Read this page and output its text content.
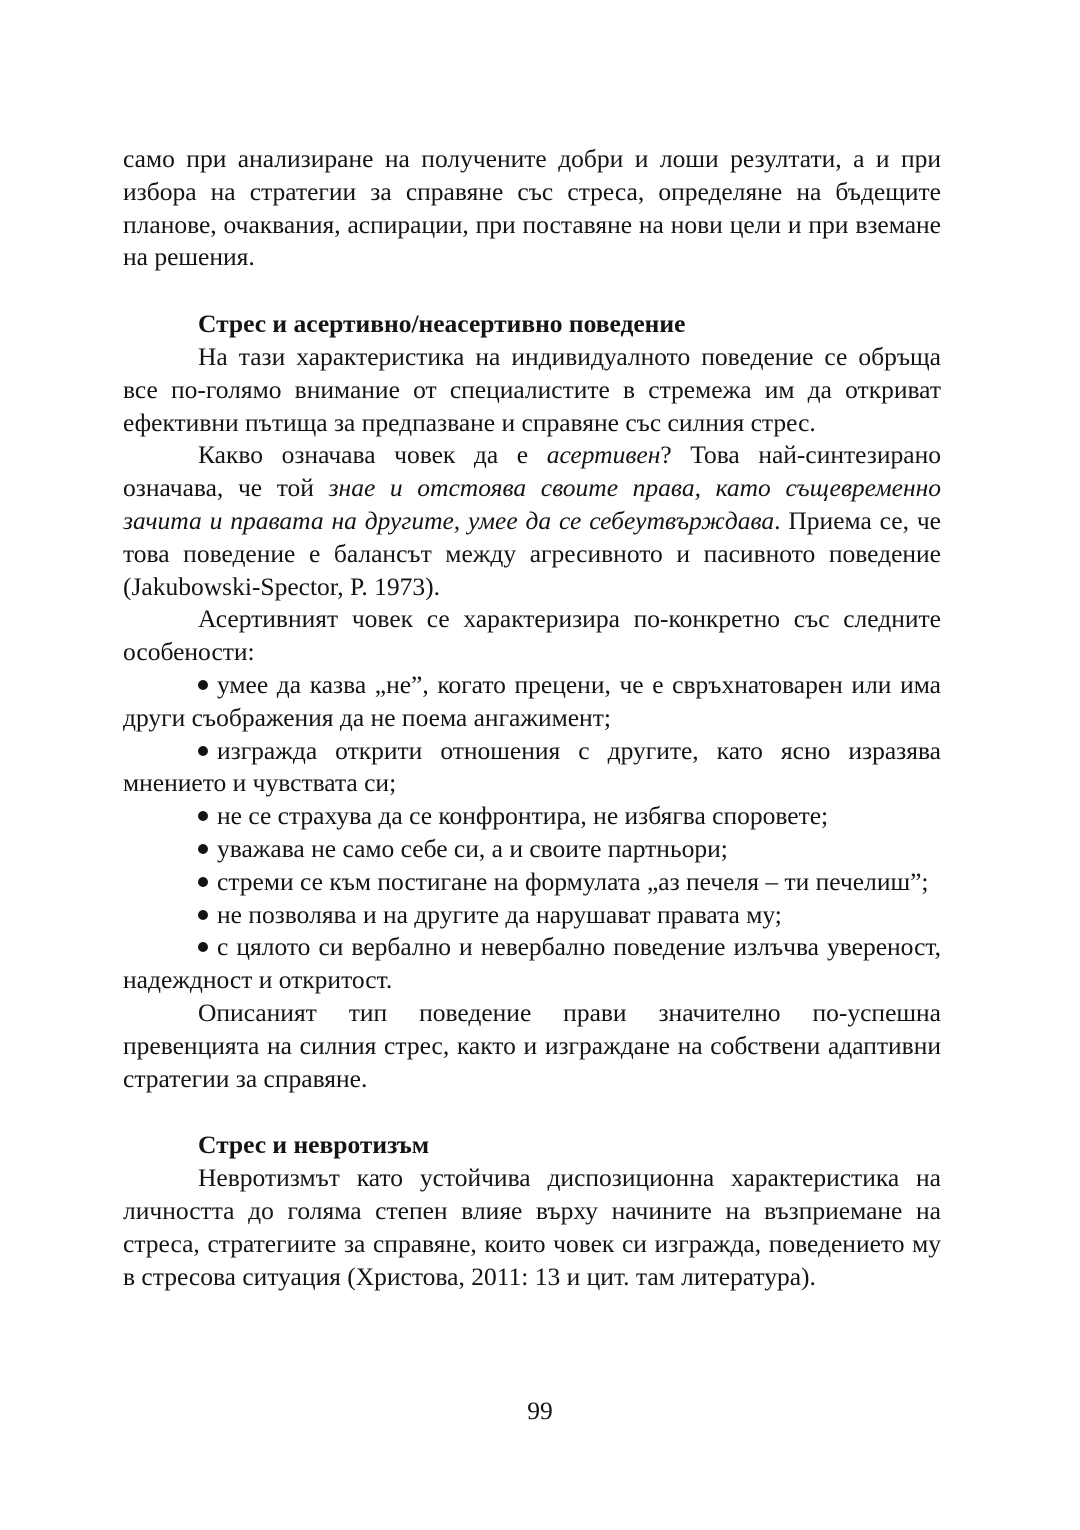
само при анализиране на получените добри и лоши резултати, а и при избора на стратегии за справяне със стреса, определяне на бъдещите планове, очаквания, аспирации, при поставяне на нови цели и при вземане на решения.

Стрес и асертивно/неасертивно поведение

На тази характеристика на индивидуалното поведение се обръща все по-голямо внимание от специалистите в стремежа им да откриват ефективни пътища за предпазване и справяне със силния стрес.

Какво означава човек да е асертивен? Това най-синтезирано означава, че той знае и отстоява своите права, като същевременно зачита и правата на другите, умее да се себеутвърждава. Приема се, че това поведение е балансът между агресивното и пасивното поведение (Jakubowski-Spector, P. 1973).

Асертивният човек се характеризира по-конкретно със следните особености:

умее да казва „не”, когато прецени, че е свръхнатоварен или има други съображения да не поема ангажимент;

изгражда открити отношения с другите, като ясно изразява мнението и чувствата си;

не се страхува да се конфронтира, не избягва споровете;

уважава не само себе си, а и своите партньори;

стреми се към постигане на формулата „аз печеля – ти печелиш”;

не позволява и на другите да нарушават правата му;

с цялото си вербално и невербално поведение излъчва увереност, надеждност и откритост.

Описаният тип поведение прави значително по-успешна превенцията на силния стрес, както и изграждане на собствени адаптивни стратегии за справяне.

Стрес и невротизъм

Невротизмът като устойчива диспозиционна характеристика на личността до голяма степен влияе върху начините на възприемане на стреса, стратегиите за справяне, които човек си изгражда, поведението му в стресова ситуация (Христова, 2011: 13 и цит. там литература).

99
